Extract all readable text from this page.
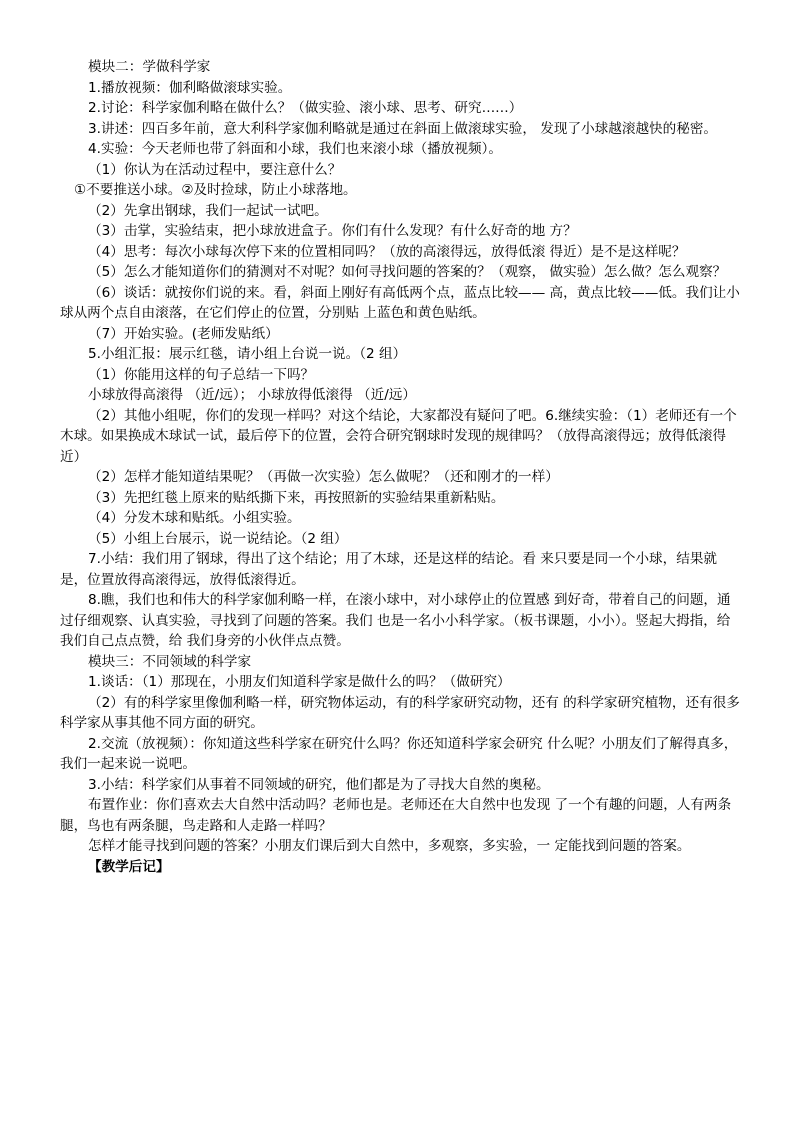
模块二：学做科学家

1.播放视频：伽利略做滚球实验。

2.讨论：科学家伽利略在做什么？（做实验、滚小球、思考、研究……）

3.讲述：四百多年前，意大利科学家伽利略就是通过在斜面上做滚球实验， 发现了小球越滚越快的秘密。

4.实验：今天老师也带了斜面和小球，我们也来滚小球（播放视频）。

（1）你认为在活动过程中，要注意什么？

①不要推送小球。②及时捡球，防止小球落地。

（2）先拿出钢球，我们一起试一试吧。

（3）击掌，实验结束，把小球放进盒子。你们有什么发现？有什么好奇的地 方？

（4）思考：每次小球每次停下来的位置相同吗？（放的高滚得远，放得低滚 得近）是不是这样呢？

（5）怎么才能知道你们的猜测对不对呢？如何寻找问题的答案的？（观察， 做实验）怎么做？怎么观察？

（6）谈话：就按你们说的来。看，斜面上刚好有高低两个点，蓝点比较—— 高，黄点比较——低。我们让小球从两个点自由滚落，在它们停止的位置，分别贴 上蓝色和黄色贴纸。

（7）开始实验。(老师发贴纸）

5.小组汇报：展示红毯，请小组上台说一说。（2 组）

（1）你能用这样的句子总结一下吗？

小球放得高滚得 （近/远）； 小球放得低滚得 （近/远）

（2）其他小组呢，你们的发现一样吗？对这个结论，大家都没有疑问了吧。6.继续实验：（1）老师还有一个木球。如果换成木球试一试，最后停下的位置，会符合研究钢球时发现的规律吗？（放得高滚得远；放得低滚得近）

（2）怎样才能知道结果呢？（再做一次实验）怎么做呢？（还和刚才的一样）

（3）先把红毯上原来的贴纸撕下来，再按照新的实验结果重新粘贴。

（4）分发木球和贴纸。小组实验。

（5）小组上台展示，说一说结论。（2 组）

7.小结：我们用了钢球，得出了这个结论；用了木球，还是这样的结论。看 来只要是同一个小球，结果就是，位置放得高滚得远，放得低滚得近。

8.瞧，我们也和伟大的科学家伽利略一样，在滚小球中，对小球停止的位置感 到好奇，带着自己的问题，通过仔细观察、认真实验，寻找到了问题的答案。我们 也是一名小小科学家。（板书课题，小小）。竖起大拇指，给我们自己点点赞，给 我们身旁的小伙伴点点赞。

模块三：不同领域的科学家

1.谈话：（1）那现在，小朋友们知道科学家是做什么的吗？（做研究）

（2）有的科学家里像伽利略一样，研究物体运动，有的科学家研究动物，还有 的科学家研究植物，还有很多科学家从事其他不同方面的研究。

2.交流（放视频）：你知道这些科学家在研究什么吗？你还知道科学家会研究 什么呢？小朋友们了解得真多，我们一起来说一说吧。

3.小结：科学家们从事着不同领域的研究，他们都是为了寻找大自然的奥秘。

布置作业：你们喜欢去大自然中活动吗？老师也是。老师还在大自然中也发现 了一个有趣的问题，人有两条腿，鸟也有两条腿，鸟走路和人走路一样吗？

怎样才能寻找到问题的答案？小朋友们课后到大自然中，多观察，多实验，一 定能找到问题的答案。

【教学后记】
